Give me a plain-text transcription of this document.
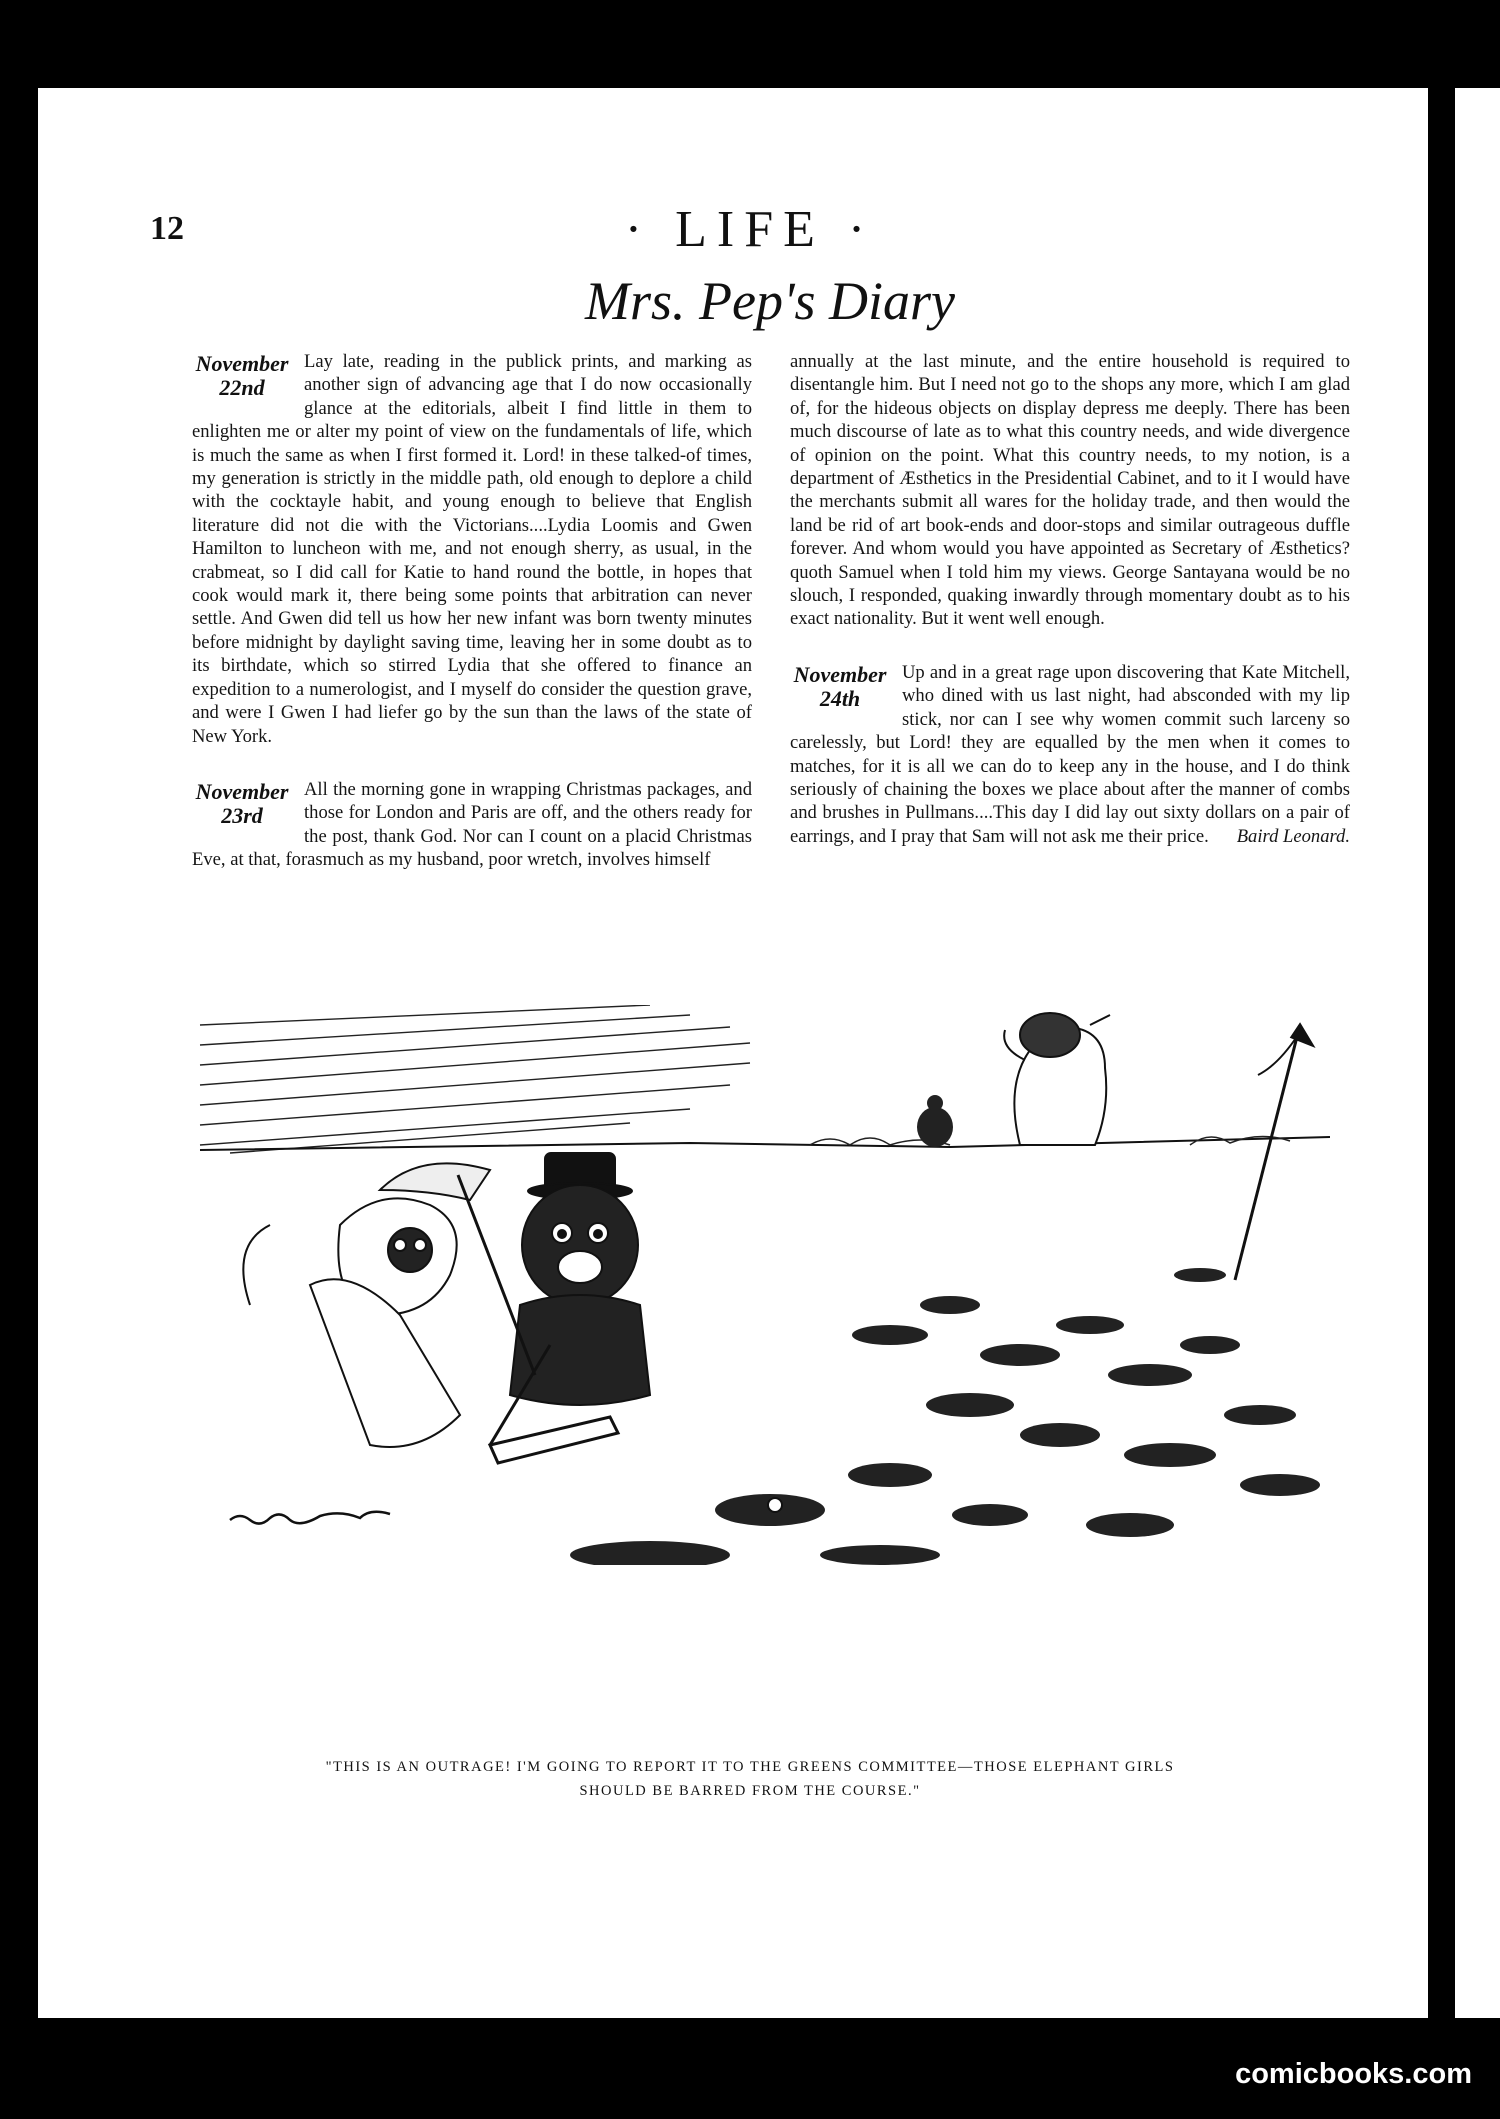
12	· LIFE ·
Mrs. Pep's Diary
November 22nd

Lay late, reading in the publick prints, and marking as another sign of advancing age that I do now occasionally glance at the editorials, albeit I find little in them to enlighten me or alter my point of view on the fundamentals of life, which is much the same as when I first formed it. Lord! in these talked-of times, my generation is strictly in the middle path, old enough to deplore a child with the cocktayle habit, and young enough to believe that English literature did not die with the Victorians....Lydia Loomis and Gwen Hamilton to luncheon with me, and not enough sherry, as usual, in the crabmeat, so I did call for Katie to hand round the bottle, in hopes that cook would mark it, there being some points that arbitration can never settle. And Gwen did tell us how her new infant was born twenty minutes before midnight by daylight saving time, leaving her in some doubt as to its birthdate, which so stirred Lydia that she offered to finance an expedition to a numerologist, and I myself do consider the question grave, and were I Gwen I had liefer go by the sun than the laws of the state of New York.

November 23rd

All the morning gone in wrapping Christmas packages, and those for London and Paris are off, and the others ready for the post, thank God. Nor can I count on a placid Christmas Eve, at that, forasmuch as my husband, poor wretch, involves himself

annually at the last minute, and the entire household is required to disentangle him. But I need not go to the shops any more, which I am glad of, for the hideous objects on display depress me deeply. There has been much discourse of late as to what this country needs, and wide divergence of opinion on the point. What this country needs, to my notion, is a department of Æsthetics in the Presidential Cabinet, and to it I would have the merchants submit all wares for the holiday trade, and then would the land be rid of art book-ends and door-stops and similar outrageous duffle forever. And whom would you have appointed as Secretary of Æsthetics? quoth Samuel when I told him my views. George Santayana would be no slouch, I responded, quaking inwardly through momentary doubt as to his exact nationality. But it went well enough.

November 24th

Up and in a great rage upon discovering that Kate Mitchell, who dined with us last night, had absconded with my lip stick, nor can I see why women commit such larceny so carelessly, but Lord! they are equalled by the men when it comes to matches, for it is all we can do to keep any in the house, and I do think seriously of chaining the boxes we place about after the manner of combs and brushes in Pullmans....This day I did lay out sixty dollars on a pair of earrings, and I pray that Sam will not ask me their price. Baird Leonard.

"THIS IS AN OUTRAGE! I'M GOING TO REPORT IT TO THE GREENS COMMITTEE—THOSE ELEPHANT GIRLS SHOULD BE BARRED FROM THE COURSE."
comicbooks.com
